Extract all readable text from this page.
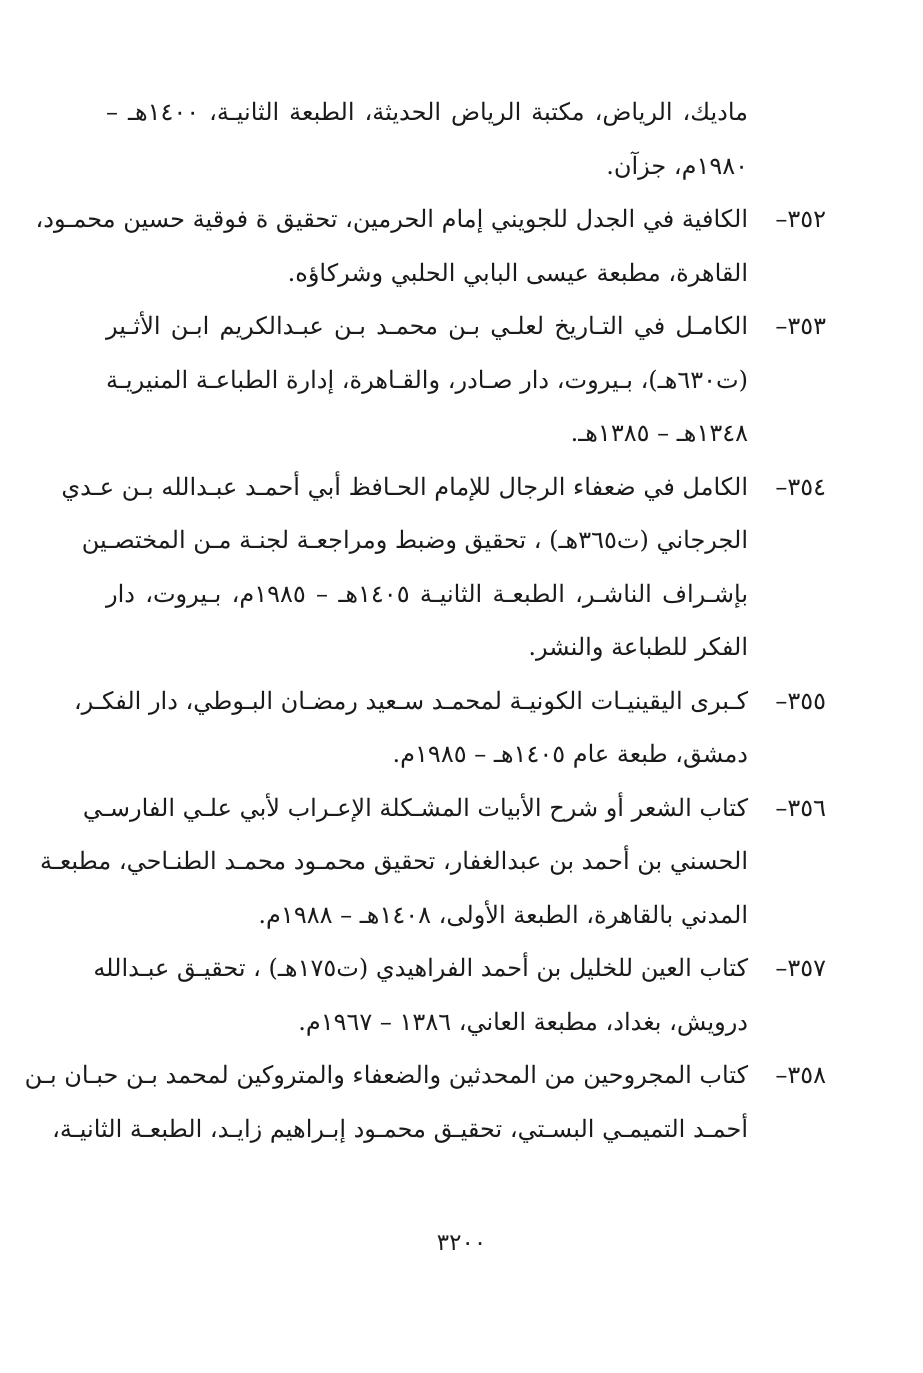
ماديك، الرياض، مكتبة الرياض الحديثة، الطبعة الثانيـة، ١٤٠٠هـ –
١٩٨٠م، جزآن.
٣٥٢–
الكافية في الجدل للجويني إمام الحرمين، تحقيق ة فوقية حسين محمـود،
القاهرة، مطبعة عيسى البابي الحلبي وشركاؤه.
٣٥٣–
الكامـل في التـاريخ لعلـي بـن محمـد بـن عبـدالكريم ابـن الأثـير
(ت٦٣٠هـ)، بـيروت، دار صـادر، والقـاهرة، إدارة الطباعـة المنيريـة
١٣٤٨هـ – ١٣٨٥هـ.
٣٥٤–
الكامل في ضعفاء الرجال للإمام الحـافظ أبي أحمـد عبـدالله بـن عـدي
الجرجاني (ت٣٦٥هـ) ، تحقيق وضبط ومراجعـة لجنـة مـن المختصـين
بإشـراف الناشـر، الطبعـة الثانيـة ١٤٠٥هـ – ١٩٨٥م، بـيروت، دار
الفكر للطباعة والنشر.
٣٥٥–
كـبرى اليقينيـات الكونيـة لمحمـد سـعيد رمضـان البـوطي، دار الفكـر،
دمشق، طبعة عام ١٤٠٥هـ – ١٩٨٥م.
٣٥٦–
كتاب الشعر أو شرح الأبيات المشـكلة الإعـراب لأبي علـي الفارسـي
الحسني بن أحمد بن عبدالغفار، تحقيق محمـود محمـد الطنـاحي، مطبعـة
المدني بالقاهرة، الطبعة الأولى، ١٤٠٨هـ – ١٩٨٨م.
٣٥٧–
كتاب العين للخليل بن أحمد الفراهيدي (ت١٧٥هـ) ، تحقيـق عبـدالله
درويش، بغداد، مطبعة العاني، ١٣٨٦ – ١٩٦٧م.
٣٥٨–
كتاب المجروحين من المحدثين والضعفاء والمتروكين لمحمد بـن حبـان بـن
أحمـد التميمـي البسـتي، تحقيـق محمـود إبـراهيم زايـد، الطبعـة الثانيـة،
٣٢٠٠
